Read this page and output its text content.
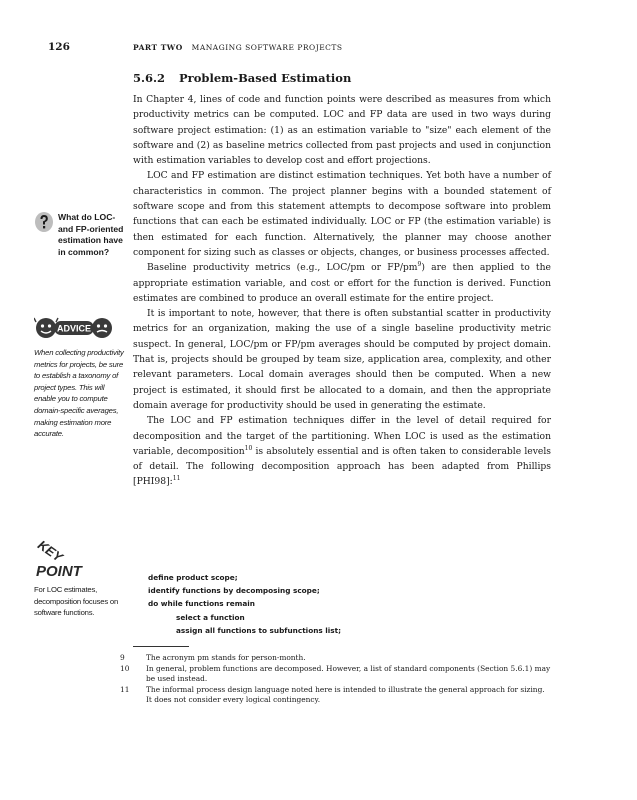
126	PART TWO MANAGING SOFTWARE PROJECTS
5.6.2 Problem-Based Estimation

In Chapter 4, lines of code and function points were described as measures from which productivity metrics can be computed. LOC and FP data are used in two ways during software project estimation: (1) as an estimation variable to "size" each element of the software and (2) as baseline metrics collected from past projects and used in conjunction with estimation variables to develop cost and effort projections.

LOC and FP estimation are distinct estimation techniques. Yet both have a number of characteristics in common. The project planner begins with a bounded statement of software scope and from this statement attempts to decompose software into problem functions that can each be estimated individually. LOC or FP (the estimation variable) is then estimated for each function. Alternatively, the planner may choose another component for sizing such as classes or objects, changes, or business processes affected.

Baseline productivity metrics (e.g., LOC/pm or $FP/pm^9$) are then applied to the appropriate estimation variable, and cost or effort for the function is derived. Function estimates are combined to produce an overall estimate for the entire project.

It is important to note, however, that there is often substantial scatter in productivity metrics for an organization, making the use of a single baseline productivity metric suspect. In general, LOC/pm or FP/pm averages should be computed by project domain. That is, projects should be grouped by team size, application area, complexity, and other relevant parameters. Local domain averages should then be computed. When a new project is estimated, it should first be allocated to a domain, and then the appropriate domain average for productivity should be used in generating the estimate.

The LOC and FP estimation techniques differ in the level of detail required for decomposition and the target of the partitioning. When LOC is used as the estimation variable, decomposition$^{10}$ is absolutely essential and is often taken to considerable levels of detail. The following decomposition approach has been adapted from Phillips [PHI98]:$^{11}$

define product scope;
identify functions by decomposing scope;
do while functions remain
select a function
assign all functions to subfunctions list;
9	The acronym pm stands for person-month.
10	In general, problem functions are decomposed. However, a list of standard components (Section 5.6.1) may be used instead.
11	The informal process design language noted here is intended to illustrate the general approach for sizing. It does not consider every logical contingency.
What do LOC- and FP-oriented estimation have in common?
ADVICE
When collecting productivity metrics for projects, be sure to establish a taxonomy of project types. This will enable you to compute domain-specific averages, making estimation more accurate.
KEY
POINT
For LOC estimates, decomposition focuses on software functions.
